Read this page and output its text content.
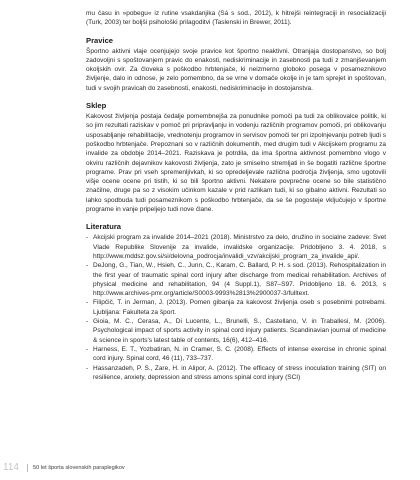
mu času in »pobegu« iz rutine vsakdanjika (Sá s sod., 2012), k hitrejši reintegraciji in resocializaciji (Turk, 2003) ter boljši psihološki prilagoditvi (Taslenski in Brewer, 2011).

Pravice

Športno aktivni vlaje ocenjujejo svoje pravice kot športno neaktivni. Otranjaja dostopanstvo, so bolj zadovoljni s spoštovanjem pravic do enakosti, nediskriminacije in zasebnosti pa tudi z zmanjševanjem okoljskih ovir. Za človeka s poškodbo hrbtenjače, ki neizmerno globoko posega v posameznikovo življenje, dalo in odnose, je zelo pomembno, da se vrne v domače okolje in je tam sprejet in spoštovan, tudi v svojih pravicah do zasebnosti, enakosti, nediskriminacije in dostojanstva.

Sklep

Kakovost življenja postaja čedalje pomembnejša za ponudnike pomoči pa tudi za oblikovalce politik, ki so jim rezultati raziskav v pomoč pri pripravljanju in vodenju različnih programov pomoči, pri oblikovanju usposabljanje rehabilitacije, vrednotenju programov in servisov pomoči ter pri izpolnjevanju potreb ljudi s poškodbo hrbtenjače. Prepoznani so v različnih dokumentih, med drugim tudi v Akcijskem programu za invalide za obdobje 2014–2021. Raziskava je potrdila, da ima športna aktivnost pomembno vlogo v okviru različnih dejavnikov kakovosti življenja, zato je smiselno stremljati in še bogatiti različne športne programe. Prav pri vseh spremenljivkah, ki so opredeljevale različna področja življenja, smo ugotovili višje ocene ocene pri tistih, ki so bili športno aktivni. Nekatere povprečne ocene so bile statistično značilne, druge pa so z visokim učinkom kazale v prid razlikam tudi, ki so gibalno aktivni. Rezultati so lahko spodbuda tudi posameznikom s poškodbo hrbtenjače, da se še pogosteje vključujejo v športne programe in vanje pripeljejo tudi nove člane.

Literatura
- Akcijski program za invalide 2014–2021 (2018). Ministrstvo za delo, družino in socialne zadeve: Svet Vlade Republike Slovenije za invalide, invalidske organizacije. Pridobljeno 3. 4. 2018, s http://www.mddsz.gov.si/si/delovna_podrocja/invalidi_vzv/akcijski_program_za_invalide_api/.
- DeJong, G., Tian, W., Hsieh, C., Junn, C., Karam, C. Ballard, P. H. s sod. (2013). Rehospitalization in the first year of traumatic spinal cord injury after discharge from medical rehabilitation. Archives of physical medicine and rehabilitation, 94 (4 Suppl.1), S87–S97. Pridobljeno 18. 6. 2013, s http://www.archives-pmr.org/article/S0003-9993%2813%2900037-3/fulltext.
- Filipčič, T. in Jerman, J. (2013). Pomen gibanja za kakovost življenja oseb s posebnimi potrebami. Ljubljana: Fakulteta za šport.
- Gioia, M. C., Cerasa, A., Di Lucente, L., Brunelli, S., Castellano, V. in Traballesi, M. (2006). Psychological impact of sports activity in spinal cord injury patients. Scandinavian journal of medicine & science in sports's latest table of contents, 16(6), 412–416.
- Harness, E. T., Yozbatiran, N. in Cramer, S. C. (2008). Effects of intense exercise in chronic spinal cord injury. Spinal cord, 46 (11), 733–737.
- Hassanzadeh, P. S., Zare, H. in Alipor, A. (2012). The efficacy of stress inoculation training (SIT) on resilience, anxiety, depression and stress amons spinal cord injury (SCI)
114	50 let športa slovenskih paraplegikov
